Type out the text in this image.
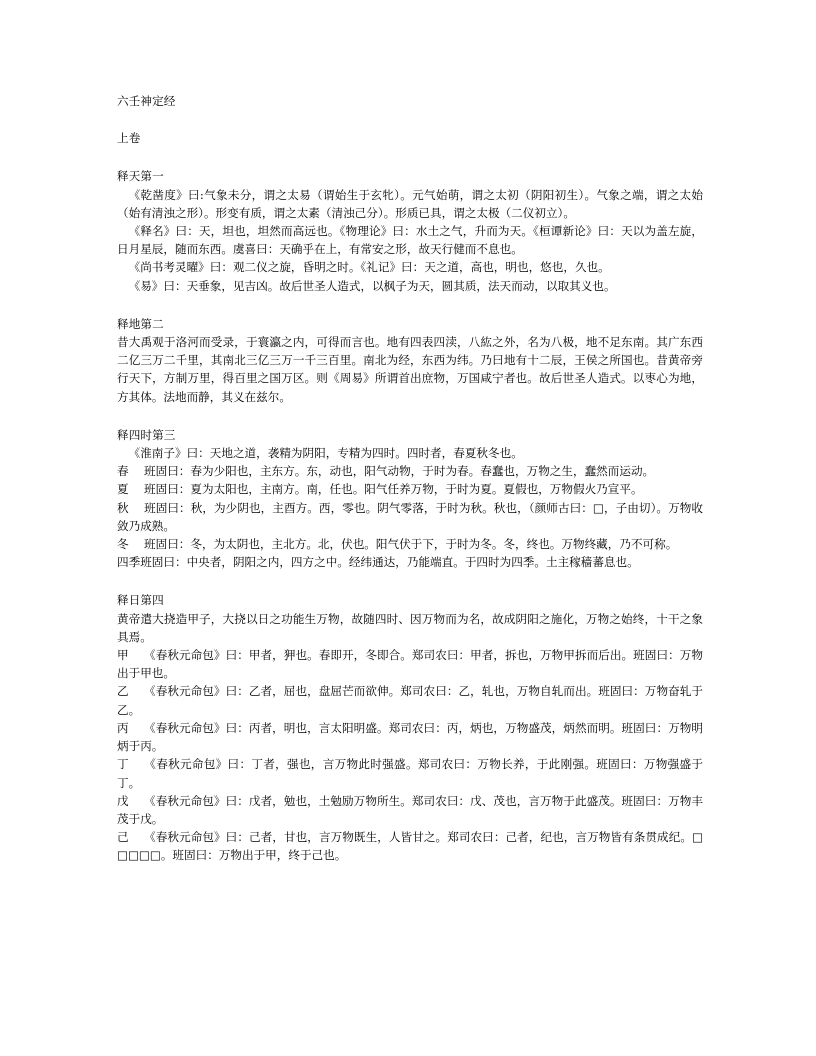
六壬神定经
上卷
释天第一
《乾凿度》曰:气象未分，谓之太易（谓始生于玄牝）。元气始萌，谓之太初（阴阳初生）。气象之端，谓之太始（始有清浊之形）。形变有质，谓之太素（清浊己分）。形质已具，谓之太极（二仪初立）。
《释名》曰：天，坦也，坦然而高远也。《物理论》曰：水土之气，升而为天。《桓谭新论》曰：天以为盖左旋，日月星辰，随而东西。虞喜曰：天确乎在上，有常安之形，故天行健而不息也。
《尚书考灵曜》曰：观二仪之旋，昏明之时。《礼记》曰：天之道，高也，明也，悠也，久也。
《易》曰：天垂象，见吉凶。故后世圣人造式，以枫子为天，圆其质，法天而动，以取其义也。
释地第二
昔大禹观于洛河而受录，于寰瀛之内，可得而言也。地有四表四渎，八紘之外，名为八极，地不足东南。其广东西二亿三万二千里，其南北三亿三万一千三百里。南北为经，东西为纬。乃曰地有十二辰，王侯之所国也。昔黄帝旁行天下，方制万里，得百里之国万区。则《周易》所谓首出庶物，万国咸宁者也。故后世圣人造式。以枣心为地，方其体。法地而静，其义在兹尔。
释四时第三
《淮南子》曰：天地之道，袭精为阴阳，专精为四时。四时者，春夏秋冬也。
春 班固曰：春为少阳也，主东方。东，动也，阳气动物，于时为春。春蠢也，万物之生，蠢然而运动。
夏 班固曰：夏为太阳也，主南方。南，任也。阳气任养万物，于时为夏。夏假也，万物假火乃宣平。
秋 班固曰：秋，为少阴也，主酉方。西，零也。阴气零落，于时为秋。秋也，（颜师古曰：□，子由切）。万物收敛乃成熟。
冬 班固曰：冬，为太阴也，主北方。北，伏也。阳气伏于下，于时为冬。冬，终也。万物终藏，乃不可称。
四季班固曰：中央者，阴阳之内，四方之中。经纬通达，乃能端直。于四时为四季。土主稼穑蕃息也。
释日第四
黄帝遣大挠造甲子，大挠以日之功能生万物，故随四时、因万物而为名，故成阴阳之施化，万物之始终，十干之象具焉。
甲 《春秋元命包》曰：甲者，狎也。春即开，冬即合。郑司农曰：甲者，拆也，万物甲拆而后出。班固曰：万物出于甲也。
乙 《春秋元命包》曰：乙者，屈也，盘屈芒而欲伸。郑司农曰：乙，轧也，万物自轧而出。班固曰：万物奋轧于乙。
丙 《春秋元命包》曰：丙者，明也，言太阳明盛。郑司农曰：丙，炳也，万物盛茂，炳然而明。班固曰：万物明炳于丙。
丁 《春秋元命包》曰：丁者，强也，言万物此时强盛。郑司农曰：万物长养，于此刚强。班固曰：万物强盛于丁。
戊 《春秋元命包》曰：戊者，勉也，土勉励万物所生。郑司农曰：戊、茂也，言万物于此盛茂。班固曰：万物丰茂于戊。
己 《春秋元命包》曰：己者，甘也，言万物既生，人皆甘之。郑司农曰：己者，纪也，言万物皆有条贯成纪。□□□□□。班固曰：万物出于甲，终于己也。
